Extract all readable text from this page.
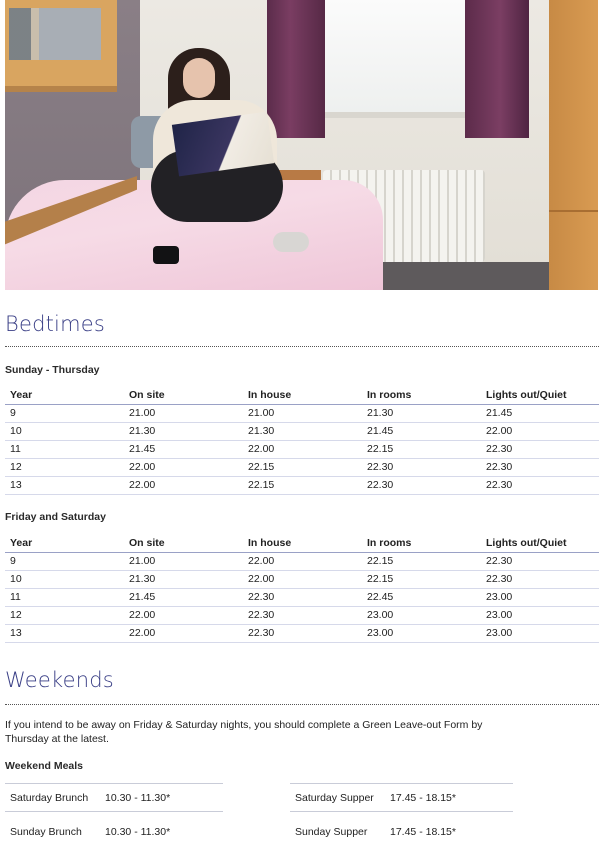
Bedtimes
Sunday - Thursday
Year	On site	In house	In rooms	Lights out/Quiet
9	21.00	21.00	21.30	21.45
10	21.30	21.30	21.45	22.00
11	21.45	22.00	22.15	22.30
12	22.00	22.15	22.30	22.30
13	22.00	22.15	22.30	22.30
Friday and Saturday
Year	On site	In house	In rooms	Lights out/Quiet
9	21.00	22.00	22.15	22.30
10	21.30	22.00	22.15	22.30
11	21.45	22.30	22.45	23.00
12	22.00	22.30	23.00	23.00
13	22.00	22.30	23.00	23.00
Weekends
If you intend to be away on Friday & Saturday nights, you should complete a Green Leave-out Form by Thursday at the latest.
Weekend Meals
Saturday Brunch	10.30 - 11.30*
Sunday Brunch	10.30 - 11.30*
Saturday Supper	17.45 - 18.15*
Sunday Supper	17.45 - 18.15*
